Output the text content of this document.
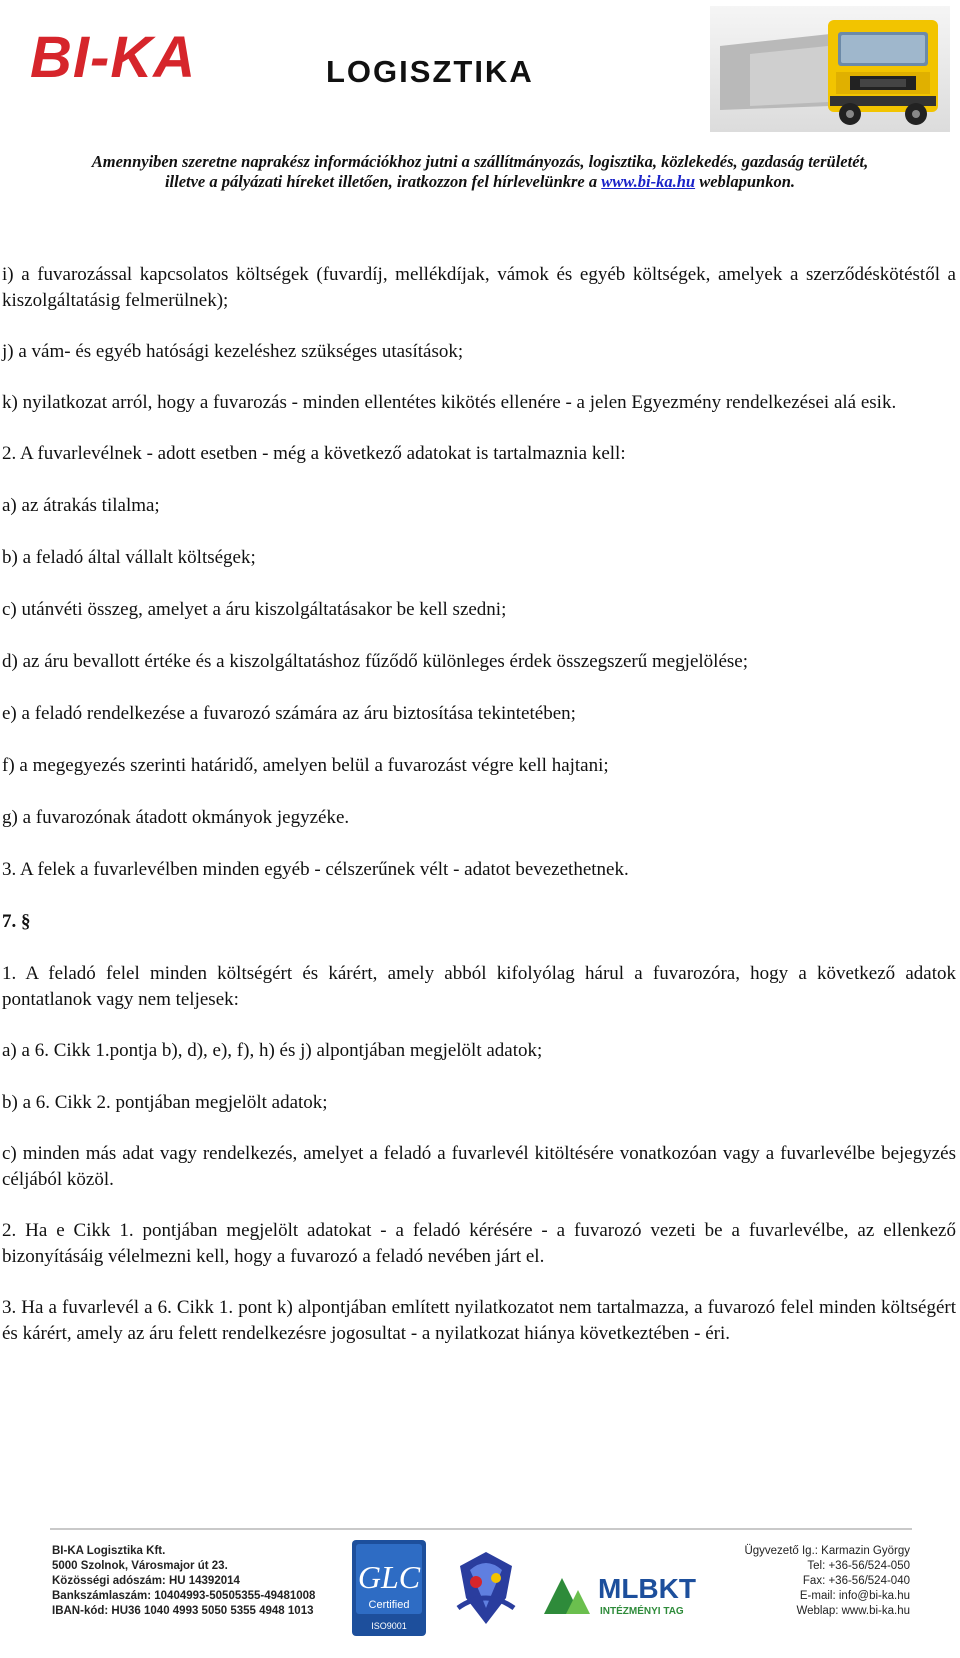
BI-KA	LOGISZTIKA
Amennyiben szeretne naprakész információkhoz jutni a szállítmányozás, logisztika, közlekedés, gazdaság területét,
illetve a pályázati híreket illetően, iratkozzon fel hírlevelünkre a www.bi-ka.hu weblapunkon.

i) a fuvarozással kapcsolatos költségek (fuvardíj, mellékdíjak, vámok és egyéb költségek, amelyek a szerződéskötéstől a kiszolgáltatásig felmerülnek);

j) a vám- és egyéb hatósági kezeléshez szükséges utasítások;

k) nyilatkozat arról, hogy a fuvarozás - minden ellentétes kikötés ellenére - a jelen Egyezmény rendelkezései alá esik.

2. A fuvarlevélnek - adott esetben - még a következő adatokat is tartalmaznia kell:

a) az átrakás tilalma;

b) a feladó által vállalt költségek;

c) utánvéti összeg, amelyet a áru kiszolgáltatásakor be kell szedni;

d) az áru bevallott értéke és a kiszolgáltatáshoz fűződő különleges érdek összegszerű megjelölése;

e) a feladó rendelkezése a fuvarozó számára az áru biztosítása tekintetében;

f) a megegyezés szerinti határidő, amelyen belül a fuvarozást végre kell hajtani;

g) a fuvarozónak átadott okmányok jegyzéke.

3. A felek a fuvarlevélben minden egyéb - célszerűnek vélt - adatot bevezethetnek.

7. §

1. A feladó felel minden költségért és kárért, amely abból kifolyólag hárul a fuvarozóra, hogy a következő adatok pontatlanok vagy nem teljesek:

a) a 6. Cikk 1.pontja b), d), e), f), h) és j) alpontjában megjelölt adatok;

b) a 6. Cikk 2. pontjában megjelölt adatok;

c) minden más adat vagy rendelkezés, amelyet a feladó a fuvarlevél kitöltésére vonatkozóan vagy a fuvarlevélbe bejegyzés céljából közöl.

2. Ha e Cikk 1. pontjában megjelölt adatokat - a feladó kérésére - a fuvarozó vezeti be a fuvarlevélbe, az ellenkező bizonyításáig vélelmezni kell, hogy a fuvarozó a feladó nevében járt el.

3. Ha a fuvarlevél a 6. Cikk 1. pont k) alpontjában említett nyilatkozatot nem tartalmazza, a fuvarozó felel minden költségért és kárért, amely az áru felett rendelkezésre jogosultat - a nyilatkozat hiánya következtében - éri.

BI-KA Logisztika Kft.
5000 Szolnok, Városmajor út 23.
Közösségi adószám: HU 14392014
Bankszámlaszám: 10404993-50505355-49481008
IBAN-kód: HU36 1040 4993 5050 5355 4948 1013
GLC
Certified
ISO9001
MLBKT
INTÉZMÉNYI TAG
Ügyvezető Ig.: Karmazin György
Tel: +36-56/524-050
Fax: +36-56/524-040
E-mail: info@bi-ka.hu
Weblap: www.bi-ka.hu
